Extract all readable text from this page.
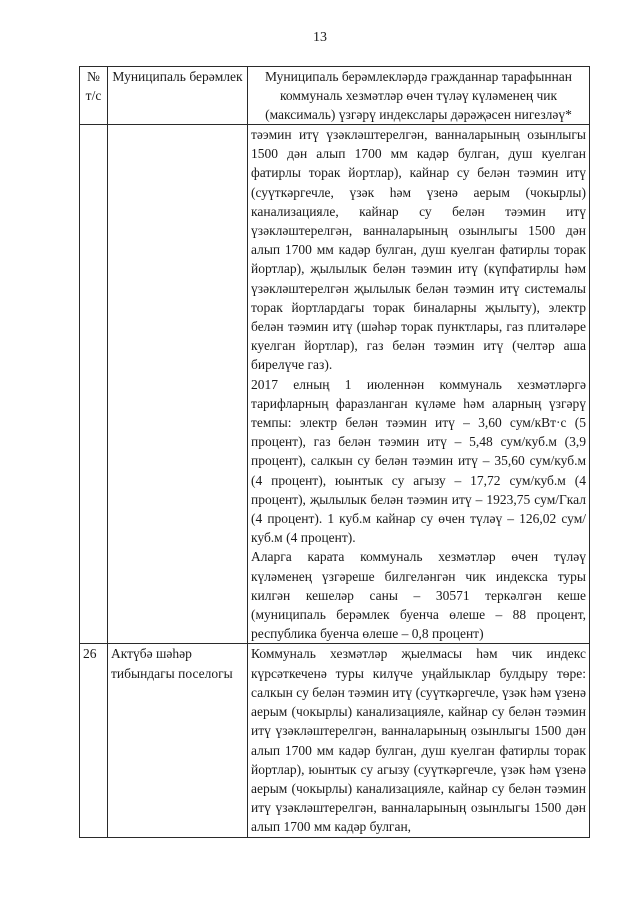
13
№ т/с	Муниципаль берәмлек	Муниципаль берәмлекләрдә гражданнар тарафыннан коммуналь хезмәтләр өчен түләү күләменең чик (максималь) үзгәрү индекслары дәрәҗәсен нигезләү*

		тәэмин итү үзәкләштерелгән, ванналарының озынлыгы 1500 дән алып 1700 мм кадәр булган, душ куелган фатирлы торак йортлар), кайнар су белән тәэмин итү (суүткәргечле, үзәк һәм үзенә аерым (чокырлы) канализацияле, кайнар су белән тәэмин итү үзәкләштерелгән, ванналарының озынлыгы 1500 дән алып 1700 мм кадәр булган, душ куелган фатирлы торак йортлар), җылылык белән тәэмин итү (күпфатирлы һәм үзәкләштерелгән җылылык белән тәэмин итү системалы торак йортлардагы торак биналарны җылыту), электр белән тәэмин итү (шәһәр торак пунктлары, газ плитәләре куелган йортлар), газ белән тәэмин итү (челтәр аша бирелүче газ).

2017 елның 1 июленнән коммуналь хезмәтләргә тарифларның фаразланган күләме һәм аларның үзгәрү темпы: электр белән тәэмин итү – 3,60 сум/кВт·с (5 процент), газ белән тәэмин итү – 5,48 сум/куб.м (3,9 процент), салкын су белән тәэмин итү – 35,60 сум/куб.м (4 процент), юынтык су агызу – 17,72 сум/куб.м (4 процент), җылылык белән тәэмин итү – 1923,75 сум/Гкал (4 процент). 1 куб.м кайнар су өчен түләү – 126,02 сум/куб.м (4 процент).

Аларга карата коммуналь хезмәтләр өчен түләү күләменең үзгәреше билгеләнгән чик индекска туры килгән кешеләр саны – 30571 теркәлгән кеше (муниципаль берәмлек буенча өлеше – 88 процент, республика буенча өлеше – 0,8 процент)

26	Актүбә шәһәр тибындагы поселогы	Коммуналь хезмәтләр җыелмасы һәм чик индекс күрсәткеченә туры килүче уңайлыклар булдыру төре: салкын су белән тәэмин итү (суүткәргечле, үзәк һәм үзенә аерым (чокырлы) канализацияле, кайнар су белән тәэмин итү үзәкләштерелгән, ванналарының озынлыгы 1500 дән алып 1700 мм кадәр булган, душ куелган фатирлы торак йортлар), юынтык су агызу (суүткәргечле, үзәк һәм үзенә аерым (чокырлы) канализацияле, кайнар су белән тәэмин итү үзәкләштерелгән, ванналарының озынлыгы 1500 дән алып 1700 мм кадәр булган,
